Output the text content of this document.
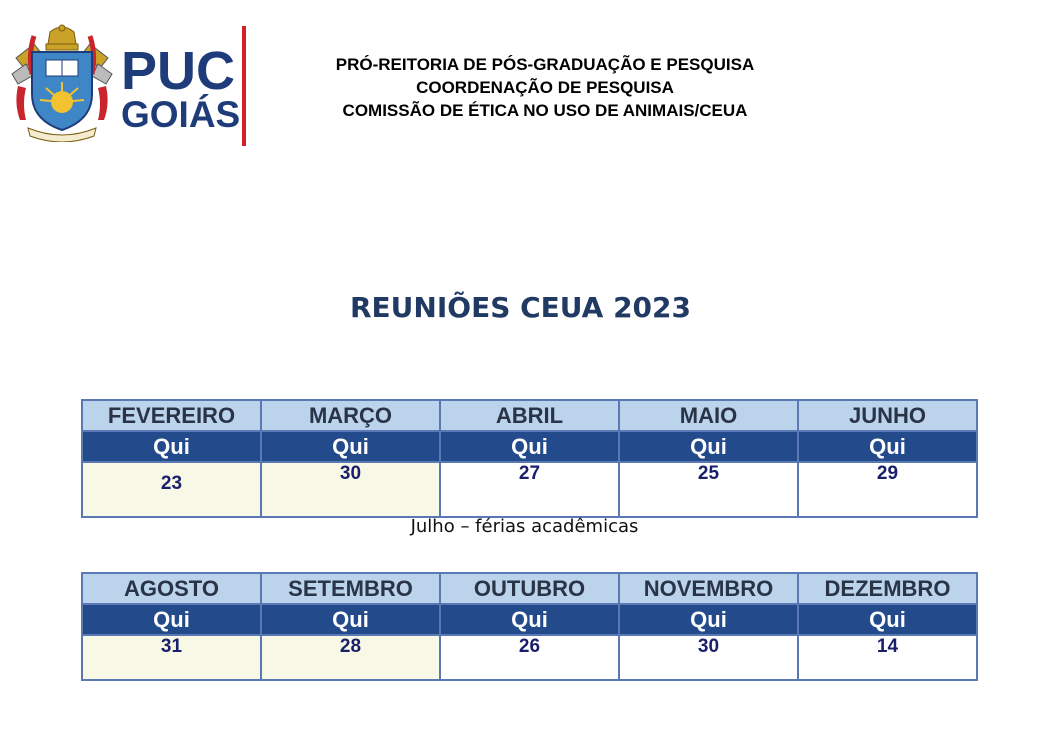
PUC
GOIÁS
PRÓ-REITORIA DE PÓS-GRADUAÇÃO E PESQUISA
COORDENAÇÃO DE PESQUISA
COMISSÃO DE ÉTICA NO USO DE ANIMAIS/CEUA
REUNIÕES CEUA 2023
FEVEREIRO	MARÇO	ABRIL	MAIO	JUNHO
Qui	Qui	Qui	Qui	Qui
23	30	27	25	29
Julho – férias acadêmicas
AGOSTO	SETEMBRO	OUTUBRO	NOVEMBRO	DEZEMBRO
Qui	Qui	Qui	Qui	Qui
31	28	26	30	14
